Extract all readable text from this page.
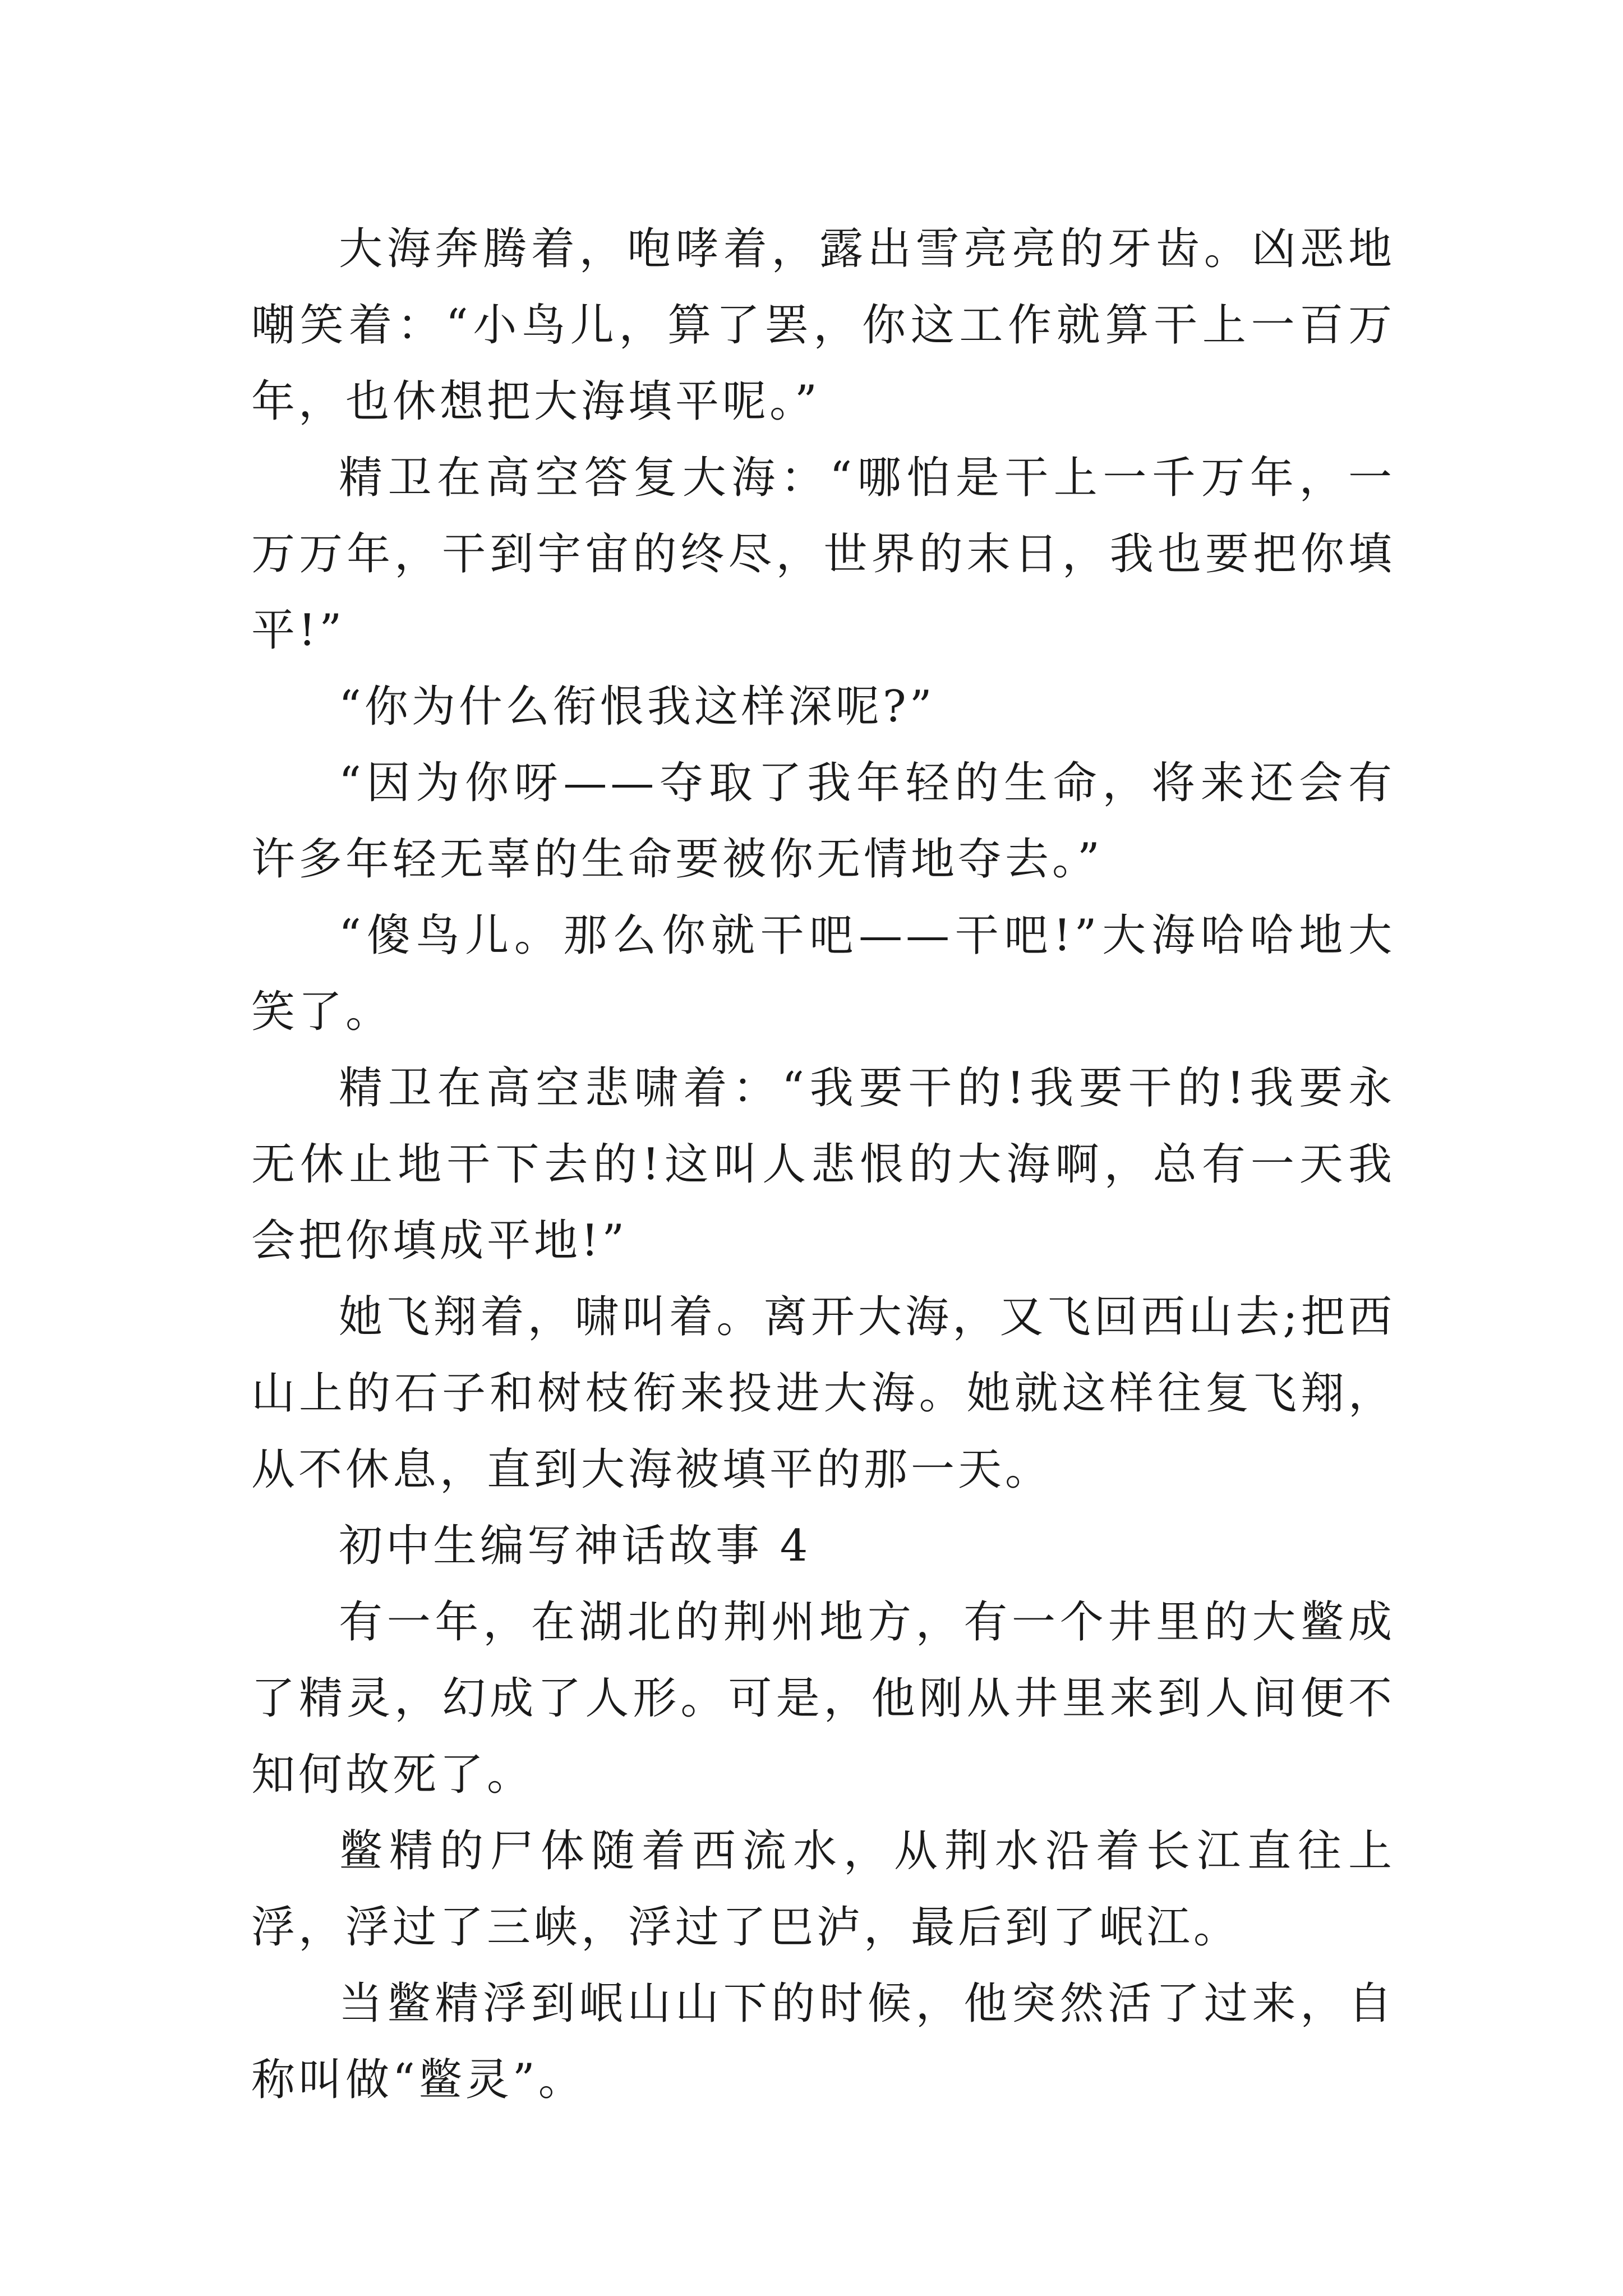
大海奔腾着，咆哮着，露出雪亮亮的牙齿。凶恶地嘲笑着：“小鸟儿，算了罢，你这工作就算干上一百万年，也休想把大海填平呢。”

精卫在高空答复大海：“哪怕是干上一千万年，一万万年，干到宇宙的终尽，世界的末日，我也要把你填平!”

“你为什么衔恨我这样深呢?”

“因为你呀——夺取了我年轻的生命，将来还会有许多年轻无辜的生命要被你无情地夺去。”

“傻鸟儿。那么你就干吧——干吧!”大海哈哈地大笑了。

精卫在高空悲啸着：“我要干的!我要干的!我要永无休止地干下去的!这叫人悲恨的大海啊，总有一天我会把你填成平地!”

她飞翔着，啸叫着。离开大海，又飞回西山去;把西山上的石子和树枝衔来投进大海。她就这样往复飞翔，从不休息，直到大海被填平的那一天。

初中生编写神话故事 4

有一年，在湖北的荆州地方，有一个井里的大鳖成了精灵，幻成了人形。可是，他刚从井里来到人间便不知何故死了。

鳖精的尸体随着西流水，从荆水沿着长江直往上浮，浮过了三峡，浮过了巴泸，最后到了岷江。

当鳖精浮到岷山山下的时候，他突然活了过来，自称叫做“鳖灵”。
